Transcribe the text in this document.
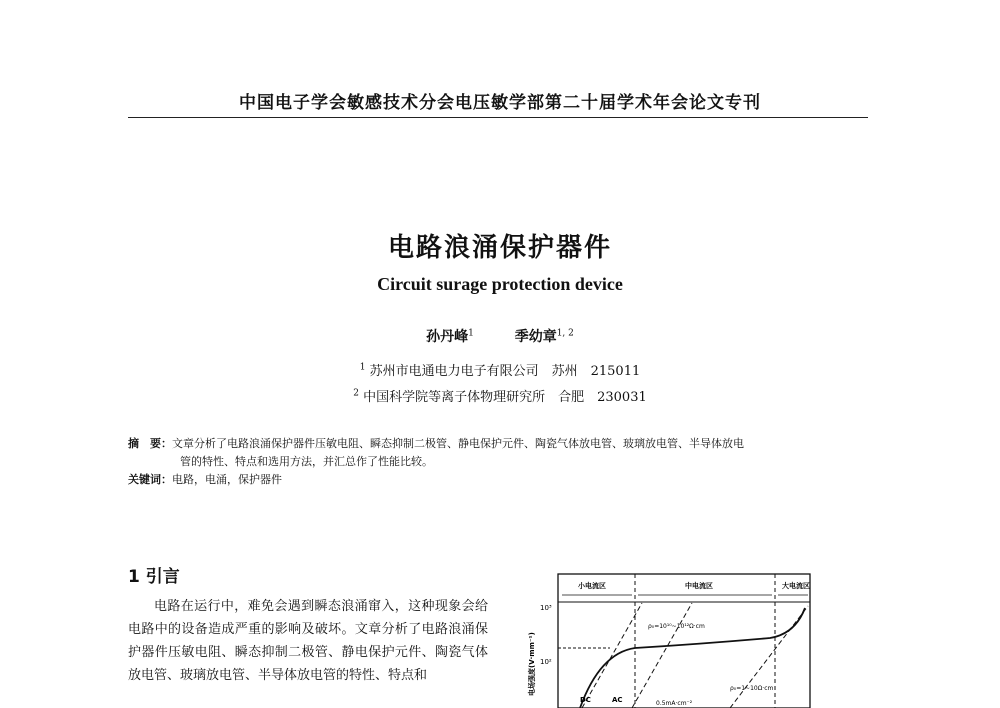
中国电子学会敏感技术分会电压敏学部第二十届学术年会论文专刊
电路浪涌保护器件
Circuit surage protection device
孙丹峰$^1$	季幼章$^{1, 2}$
$^1$ 苏州市电通电力电子有限公司　苏州　215011
$^2$ 中国科学院等离子体物理研究所　合肥　230031
摘　要：文章分析了电路浪涌保护器件压敏电阻、瞬态抑制二极管、静电保护元件、陶瓷气体放电管、玻璃放电管、半导体放电
管的特性、特点和选用方法，并汇总作了性能比较。
关键词：电路，电涌，保护器件
1 引言
电路在运行中，难免会遇到瞬态浪涌窜入，这种现象会给电路中的设备造成严重的影响及破坏。文章分析了电路浪涌保护器件压敏电阻、瞬态抑制二极管、静电保护元件、陶瓷气体放电管、玻璃放电管、半导体放电管的特性、特点和	电场强度(V·mm⁻¹)
小电流区	中电流区	大电流区
10³
10²
ρ₀=10¹⁰~10¹²Ω·cm
ρ₀=1~10Ω·cm
0.5mA·cm⁻²
DC	AC
